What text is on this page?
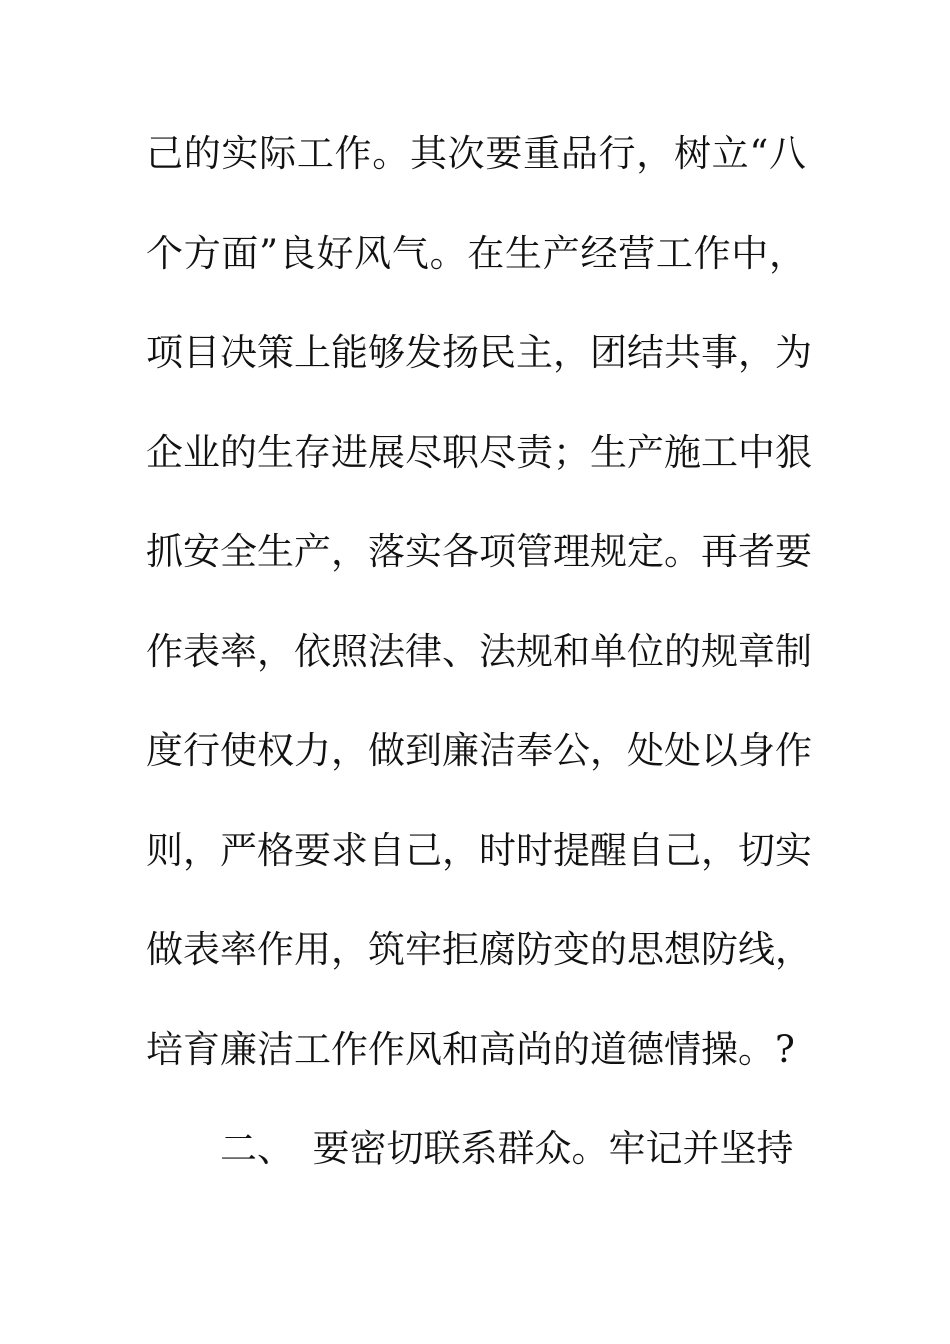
己的实际工作。其次要重品行，树立“八
个方面”良好风气。在生产经营工作中，
项目决策上能够发扬民主，团结共事，为
企业的生存进展尽职尽责；生产施工中狠
抓安全生产，落实各项管理规定。再者要
作表率，依照法律、法规和单位的规章制
度行使权力，做到廉洁奉公，处处以身作
则，严格要求自己，时时提醒自己，切实
做表率作用，筑牢拒腐防变的思想防线，
培育廉洁工作作风和高尚的道德情操。?
　　二、　要密切联系群众。牢记并坚持
